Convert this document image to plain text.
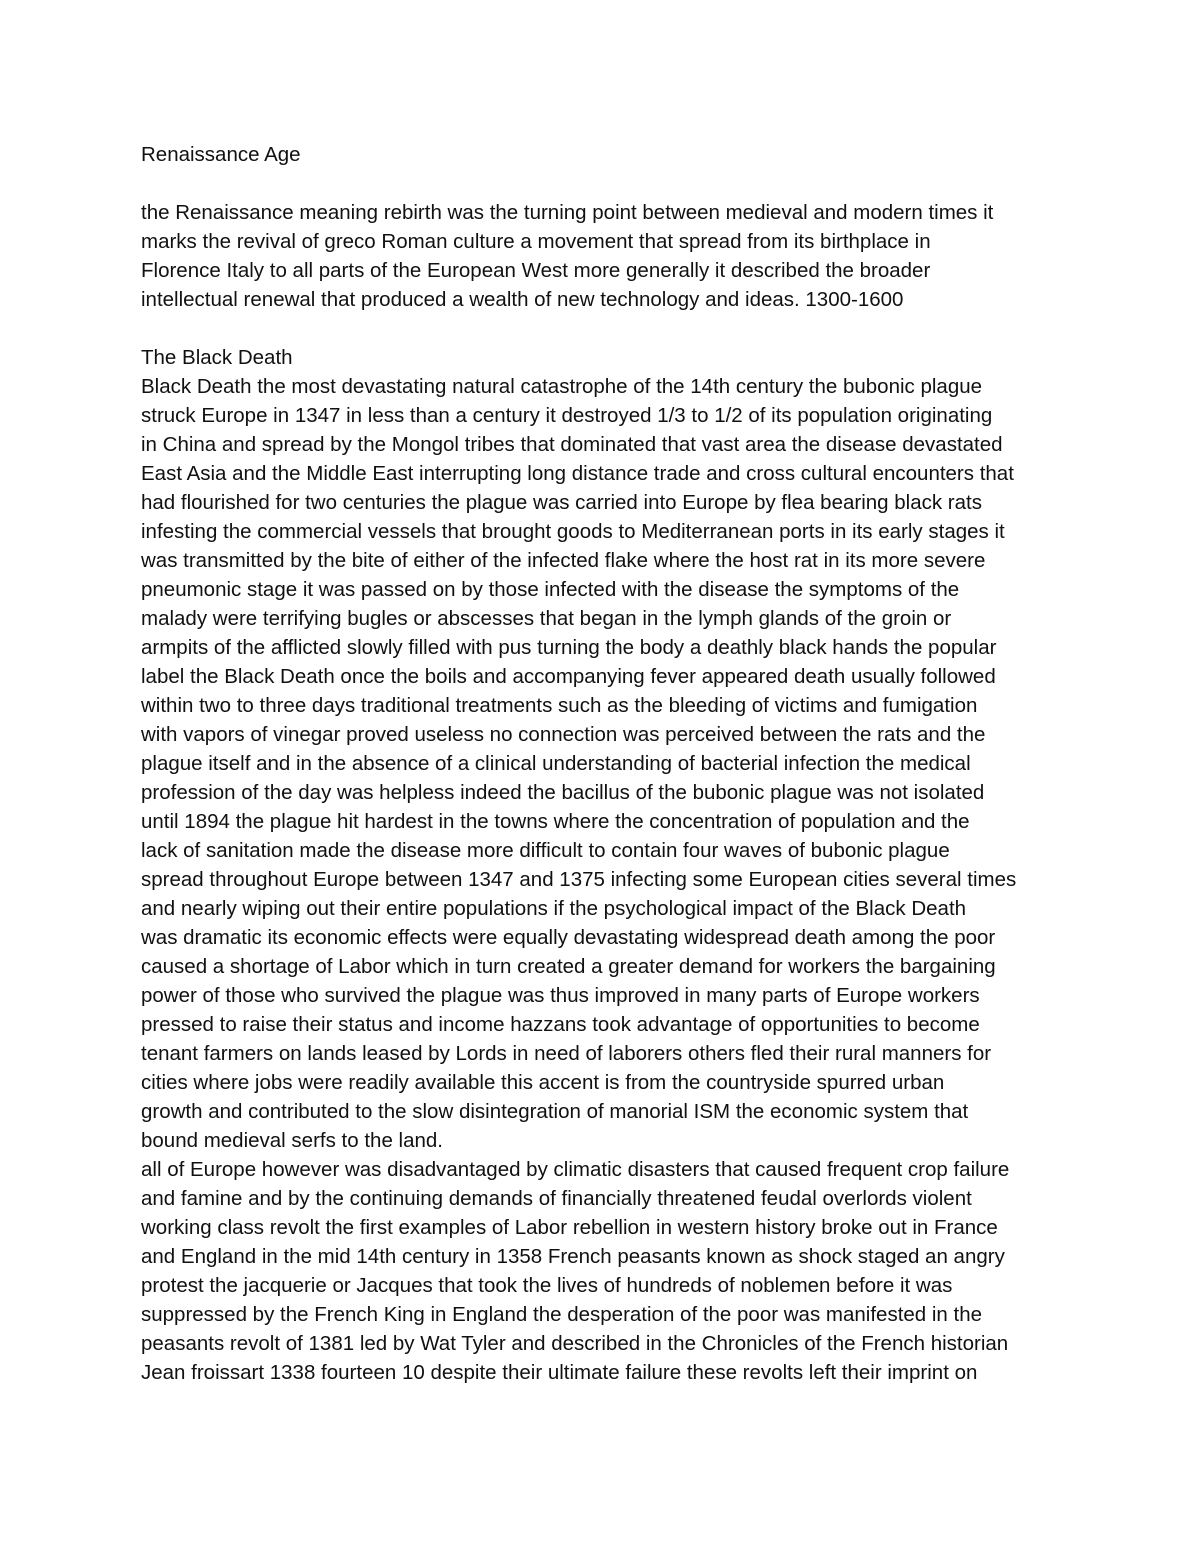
Renaissance Age
the Renaissance meaning rebirth was the turning point between medieval and modern times it
marks the revival of greco Roman culture a movement that spread from its birthplace in
Florence Italy to all parts of the European West more generally it described the broader
intellectual renewal that produced a wealth of new technology and ideas. 1300-1600
The Black Death
Black Death the most devastating natural catastrophe of the 14th century the bubonic plague
struck Europe in 1347 in less than a century it destroyed 1/3 to 1/2 of its population originating
in China and spread by the Mongol tribes that dominated that vast area the disease devastated
East Asia and the Middle East interrupting long distance trade and cross cultural encounters that
had flourished for two centuries the plague was carried into Europe by flea bearing black rats
infesting the commercial vessels that brought goods to Mediterranean ports in its early stages it
was transmitted by the bite of either of the infected flake where the host rat in its more severe
pneumonic stage it was passed on by those infected with the disease the symptoms of the
malady were terrifying bugles or abscesses that began in the lymph glands of the groin or
armpits of the afflicted slowly filled with pus turning the body a deathly black hands the popular
label the Black Death once the boils and accompanying fever appeared death usually followed
within two to three days traditional treatments such as the bleeding of victims and fumigation
with vapors of vinegar proved useless no connection was perceived between the rats and the
plague itself and in the absence of a clinical understanding of bacterial infection the medical
profession of the day was helpless indeed the bacillus of the bubonic plague was not isolated
until 1894 the plague hit hardest in the towns where the concentration of population and the
lack of sanitation made the disease more difficult to contain four waves of bubonic plague
spread throughout Europe between 1347 and 1375 infecting some European cities several times
and nearly wiping out their entire populations if the psychological impact of the Black Death
was dramatic its economic effects were equally devastating widespread death among the poor
caused a shortage of Labor which in turn created a greater demand for workers the bargaining
power of those who survived the plague was thus improved in many parts of Europe workers
pressed to raise their status and income hazzans took advantage of opportunities to become
tenant farmers on lands leased by Lords in need of laborers others fled their rural manners for
cities where jobs were readily available this accent is from the countryside spurred urban
growth and contributed to the slow disintegration of manorial ISM the economic system that
bound medieval serfs to the land.
all of Europe however was disadvantaged by climatic disasters that caused frequent crop failure
and famine and by the continuing demands of financially threatened feudal overlords violent
working class revolt the first examples of Labor rebellion in western history broke out in France
and England in the mid 14th century in 1358 French peasants known as shock staged an angry
protest the jacquerie or Jacques that took the lives of hundreds of noblemen before it was
suppressed by the French King in England the desperation of the poor was manifested in the
peasants revolt of 1381 led by Wat Tyler and described in the Chronicles of the French historian
Jean froissart 1338 fourteen 10 despite their ultimate failure these revolts left their imprint on
